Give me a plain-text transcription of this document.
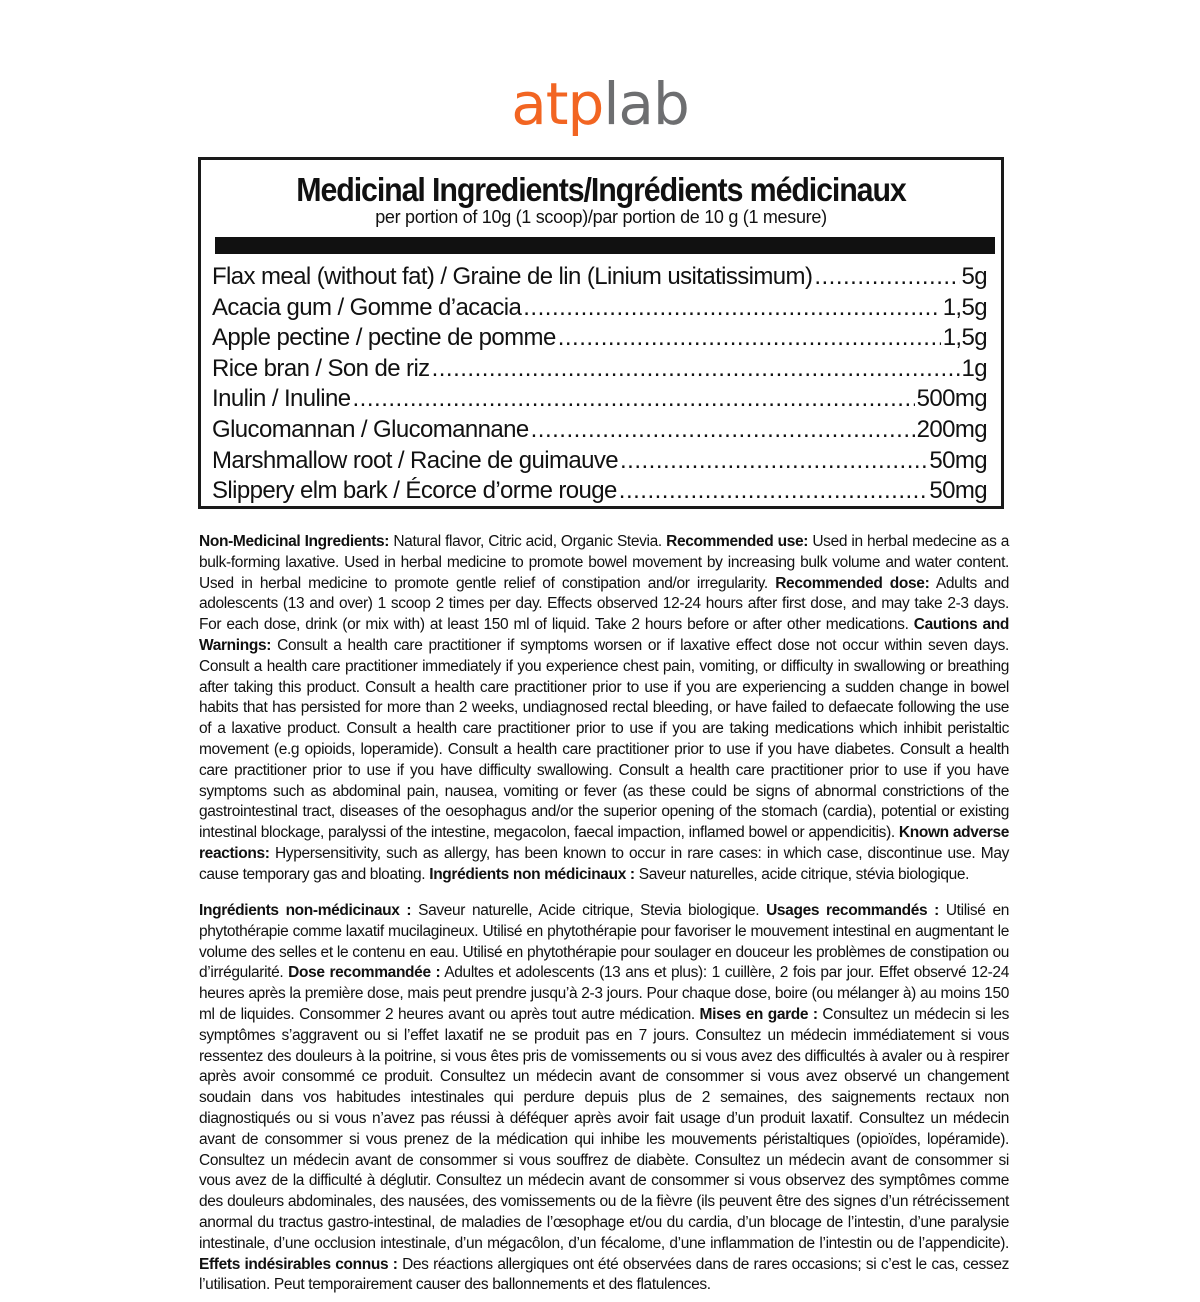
atplab
Medicinal Ingredients/Ingrédients médicinaux
per portion of 10g (1 scoop)/par portion de 10 g (1 mesure)
Flax meal (without fat) / Graine de lin (Linium usitatissimum) .....	5g
Acacia gum / Gomme d’acacia .....	1,5g
Apple pectine / pectine de pomme .....	1,5g
Rice bran / Son de riz .....	1g
Inulin / Inuline .....	500mg
Glucomannan / Glucomannane .....	200mg
Marshmallow root / Racine de guimauve .....	50mg
Slippery elm bark / Écorce d’orme rouge .....	50mg
Non-Medicinal Ingredients: Natural flavor, Citric acid, Organic Stevia. Recommended use: Used in herbal medecine as a bulk-forming laxative. Used in herbal medicine to promote bowel movement by increasing bulk volume and water content. Used in herbal medicine to promote gentle relief of constipation and/or irregularity. Recommended dose: Adults and adolescents (13 and over) 1 scoop 2 times per day. Effects observed 12-24 hours after first dose, and may take 2-3 days. For each dose, drink (or mix with) at least 150 ml of liquid. Take 2 hours before or after other medications. Cautions and Warnings: Consult a health care practitioner if symptoms worsen or if laxative effect dose not occur within seven days. Consult a health care practitioner immediately if you experience chest pain, vomiting, or difficulty in swallowing or breathing after taking this product. Consult a health care practitioner prior to use if you are experiencing a sudden change in bowel habits that has persisted for more than 2 weeks, undiagnosed rectal bleeding, or have failed to defaecate following the use of a laxative product. Consult a health care practitioner prior to use if you are taking medications which inhibit peristaltic movement (e.g opioids, loperamide). Consult a health care practitioner prior to use if you have diabetes. Consult a health care practitioner prior to use if you have difficulty swallowing. Consult a health care practitioner prior to use if you have symptoms such as abdominal pain, nausea, vomiting or fever (as these could be signs of abnormal constrictions of the gastrointestinal tract, diseases of the oesophagus and/or the superior opening of the stomach (cardia), potential or existing intestinal blockage, paralyssi of the intestine, megacolon, faecal impaction, inflamed bowel or appendicitis). Known adverse reactions: Hypersensitivity, such as allergy, has been known to occur in rare cases: in which case, discontinue use. May cause temporary gas and bloating. Ingrédients non médicinaux : Saveur naturelles, acide citrique, stévia biologique.
Ingrédients non-médicinaux : Saveur naturelle, Acide citrique, Stevia biologique. Usages recommandés : Utilisé en phytothérapie comme laxatif mucilagineux. Utilisé en phytothérapie pour favoriser le mouvement intestinal en augmentant le volume des selles et le contenu en eau. Utilisé en phytothérapie pour soulager en douceur les problèmes de constipation ou d’irrégularité. Dose recommandée : Adultes et adolescents (13 ans et plus): 1 cuillère, 2 fois par jour. Effet observé 12-24 heures après la première dose, mais peut prendre jusqu’à 2-3 jours. Pour chaque dose, boire (ou mélanger à) au moins 150 ml de liquides. Consommer 2 heures avant ou après tout autre médication. Mises en garde : Consultez un médecin si les symptômes s’aggravent ou si l’effet laxatif ne se produit pas en 7 jours. Consultez un médecin immédiatement si vous ressentez des douleurs à la poitrine, si vous êtes pris de vomissements ou si vous avez des difficultés à avaler ou à respirer après avoir consommé ce produit. Consultez un médecin avant de consommer si vous avez observé un changement soudain dans vos habitudes intestinales qui perdure depuis plus de 2 semaines, des saignements rectaux non diagnostiqués ou si vous n’avez pas réussi à déféquer après avoir fait usage d’un produit laxatif. Consultez un médecin avant de consommer si vous prenez de la médication qui inhibe les mouvements péristaltiques (opioïdes, lopéramide). Consultez un médecin avant de consommer si vous souffrez de diabète. Consultez un médecin avant de consommer si vous avez de la difficulté à déglutir. Consultez un médecin avant de consommer si vous observez des symptômes comme des douleurs abdominales, des nausées, des vomissements ou de la fièvre (ils peuvent être des signes d’un rétrécissement anormal du tractus gastro-intestinal, de maladies de l’œsophage et/ou du cardia, d’un blocage de l’intestin, d’une paralysie intestinale, d’une occlusion intestinale, d’un mégacôlon, d’un fécalome, d’une inflammation de l’intestin ou de l’appendicite). Effets indésirables connus : Des réactions allergiques ont été observées dans de rares occasions; si c’est le cas, cessez l’utilisation. Peut temporairement causer des ballonnements et des flatulences.
